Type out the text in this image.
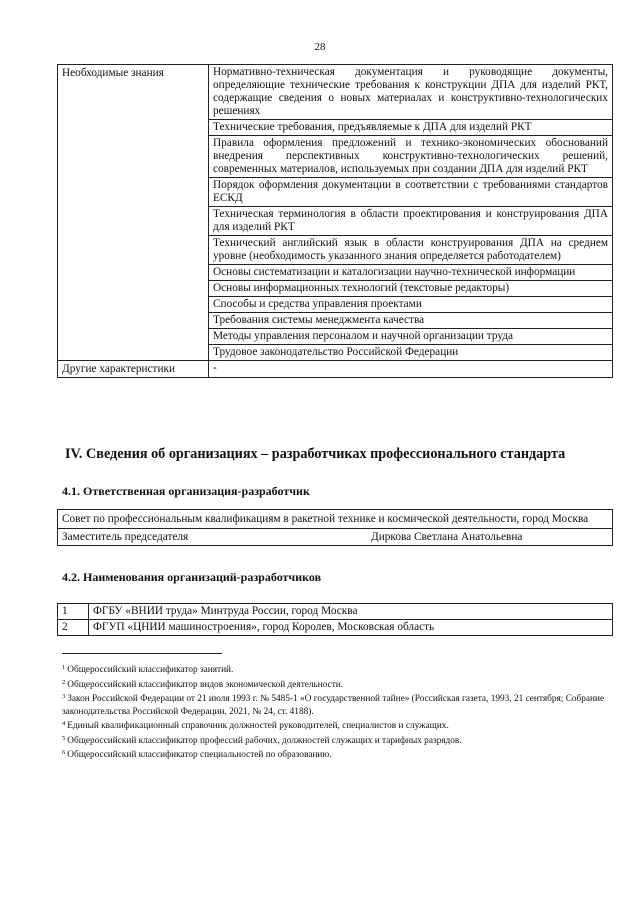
28
Необходимые знания	Нормативно-техническая документация и руководящие документы, определяющие технические требования к конструкции ДПА для изделий РКТ, содержащие сведения о новых материалах и конструктивно-технологических решениях
	Технические требования, предъявляемые к ДПА для изделий РКТ
	Правила оформления предложений и технико-экономических обоснований внедрения перспективных конструктивно-технологических решений, современных материалов, используемых при создании ДПА для изделий РКТ
	Порядок оформления документации в соответствии с требованиями стандартов ЕСКД
	Техническая терминология в области проектирования и конструирования ДПА для изделий РКТ
	Технический английский язык в области конструирования ДПА на среднем уровне (необходимость указанного знания определяется работодателем)
	Основы систематизации и каталогизации научно-технической информации
	Основы информационных технологий (текстовые редакторы)
	Способы и средства управления проектами
	Требования системы менеджмента качества
	Методы управления персоналом и научной организации труда
	Трудовое законодательство Российской Федерации
Другие характеристики	-
IV. Сведения об организациях – разработчиках профессионального стандарта
4.1. Ответственная организация-разработчик
Совет по профессиональным квалификациям в ракетной технике и космической деятельности, город Москва
Заместитель председателя	Диркова Светлана Анатольевна
4.2. Наименования организаций-разработчиков
1	ФГБУ «ВНИИ труда» Минтруда России, город Москва
2	ФГУП «ЦНИИ машиностроения», город Королев, Московская область
$^1$ Общероссийский классификатор занятий.
$^2$ Общероссийский классификатор видов экономической деятельности.
$^3$ Закон Российской Федерации от 21 июля 1993 г. № 5485-1 «О государственной тайне» (Российская газета, 1993, 21 сентября; Собрание законодательства Российской Федерации, 2021, № 24, ст. 4188).
$^4$ Единый квалификационный справочник должностей руководителей, специалистов и служащих.
$^5$ Общероссийский классификатор профессий рабочих, должностей служащих и тарифных разрядов.
$^6$ Общероссийский классификатор специальностей по образованию.
